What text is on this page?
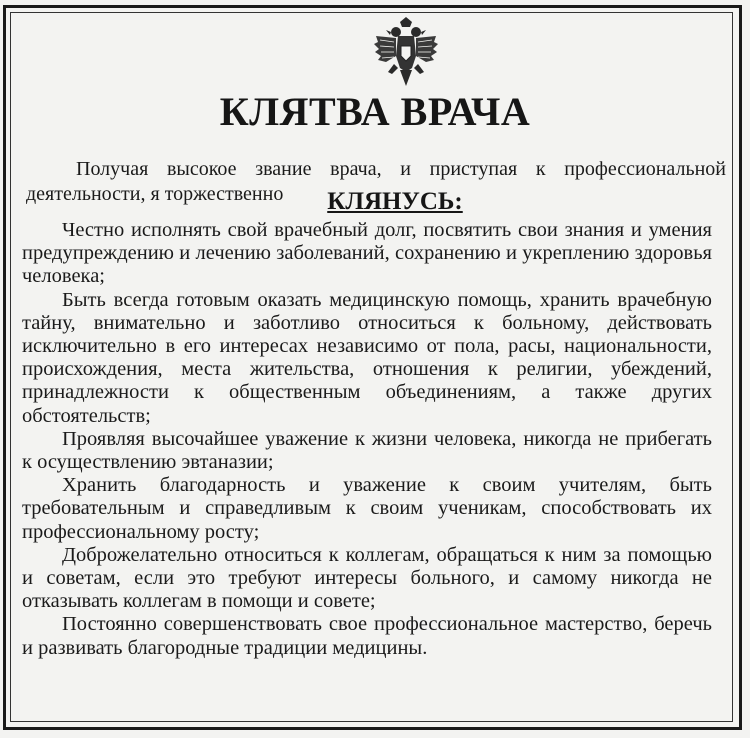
КЛЯТВА ВРАЧА

Получая высокое звание врача, и приступая к профессиональной деятельности, я торжественно	КЛЯНУСЬ:

Честно исполнять свой врачебный долг, посвятить свои знания и умения предупреждению и лечению заболеваний, сохранению и укреплению здоровья человека;

Быть всегда готовым оказать медицинскую помощь, хранить врачебную тайну, внимательно и заботливо относиться к больному, действовать исключительно в его интересах независимо от пола, расы, национальности, происхождения, места жительства, отношения к религии, убеждений, принадлежности к общественным объединениям, а также других обстоятельств;

Проявляя высочайшее уважение к жизни человека, никогда не прибегать к осуществлению эвтаназии;

Хранить благодарность и уважение к своим учителям, быть требовательным и справедливым к своим ученикам, способствовать их профессиональному росту;

Доброжелательно относиться к коллегам, обращаться к ним за помощью и советам, если это требуют интересы больного, и самому никогда не отказывать коллегам в помощи и совете;

Постоянно совершенствовать свое профессиональное мастерство, беречь и развивать благородные традиции медицины.
